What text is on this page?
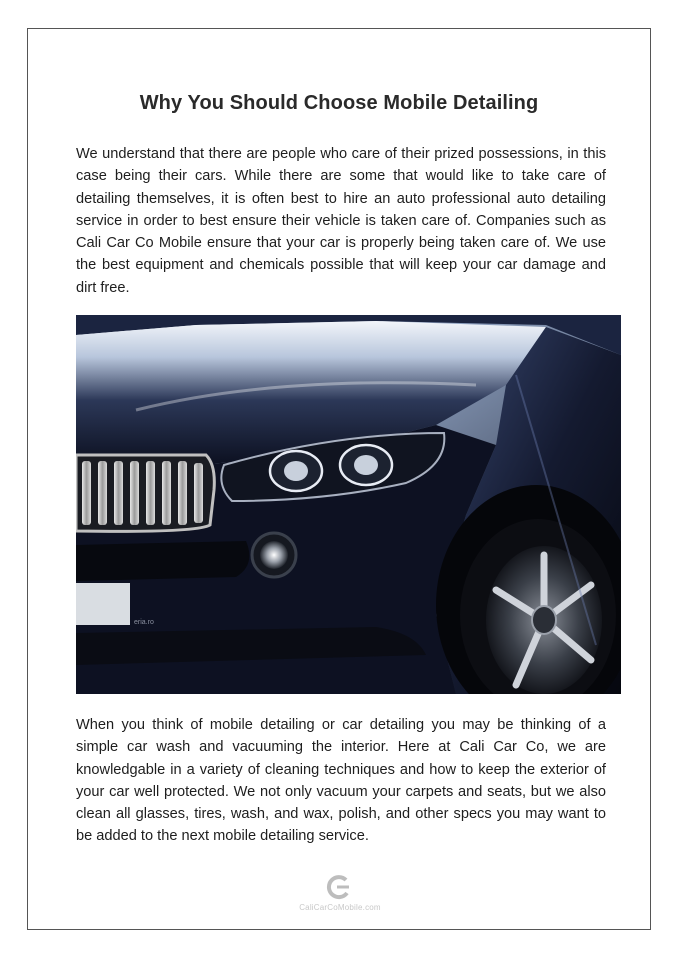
Why You Should Choose Mobile Detailing

We understand that there are people who care of their prized possessions, in this case being their cars. While there are some that would like to take care of detailing themselves, it is often best to hire an auto professional auto detailing service in order to best ensure their vehicle is taken care of. Companies such as Cali Car Co Mobile ensure that your car is properly being taken care of. We use the best equipment and chemicals possible that will keep your car damage and dirt free.

eria.ro

When you think of mobile detailing or car detailing you may be thinking of a simple car wash and vacuuming the interior. Here at Cali Car Co, we are knowledgable in a variety of cleaning techniques and how to keep the exterior of your car well protected. We not only vacuum your carpets and seats, but we also clean all glasses, tires, wash, and wax, polish, and other specs you may want to be added to the next mobile detailing service.

CaliCarCoMobile.com
